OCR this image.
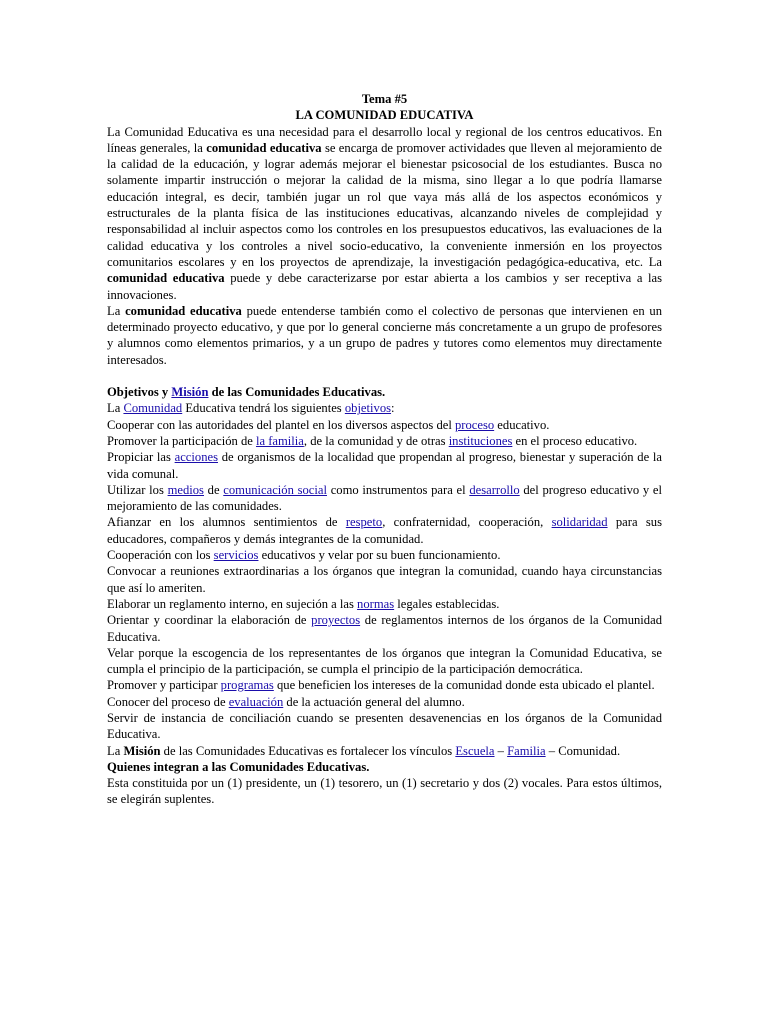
Tema #5
LA COMUNIDAD EDUCATIVA
La Comunidad Educativa es una necesidad para el desarrollo local y regional de los centros educativos. En líneas generales, la comunidad educativa se encarga de promover actividades que lleven al mejoramiento de la calidad de la educación, y lograr además mejorar el bienestar psicosocial de los estudiantes. Busca no solamente impartir instrucción o mejorar la calidad de la misma, sino llegar a lo que podría llamarse educación integral, es decir, también jugar un rol que vaya más allá de los aspectos económicos y estructurales de la planta física de las instituciones educativas, alcanzando niveles de complejidad y responsabilidad al incluir aspectos como los controles en los presupuestos educativos, las evaluaciones de la calidad educativa y los controles a nivel socio-educativo, la conveniente inmersión en los proyectos comunitarios escolares y en los proyectos de aprendizaje, la investigación pedagógica-educativa, etc. La comunidad educativa puede y debe caracterizarse por estar abierta a los cambios y ser receptiva a las innovaciones.
La comunidad educativa puede entenderse también como el colectivo de personas que intervienen en un determinado proyecto educativo, y que por lo general concierne más concretamente a un grupo de profesores y alumnos como elementos primarios, y a un grupo de padres y tutores como elementos muy directamente interesados.
Objetivos y Misión de las Comunidades Educativas.
La Comunidad Educativa tendrá los siguientes objetivos:
Cooperar con las autoridades del plantel en los diversos aspectos del proceso educativo.
Promover la participación de la familia, de la comunidad y de otras instituciones en el proceso educativo.
Propiciar las acciones de organismos de la localidad que propendan al progreso, bienestar y superación de la vida comunal.
Utilizar los medios de comunicación social como instrumentos para el desarrollo del progreso educativo y el mejoramiento de las comunidades.
Afianzar en los alumnos sentimientos de respeto, confraternidad, cooperación, solidaridad para sus educadores, compañeros y demás integrantes de la comunidad.
Cooperación con los servicios educativos y velar por su buen funcionamiento.
Convocar a reuniones extraordinarias a los órganos que integran la comunidad, cuando haya circunstancias que así lo ameriten.
Elaborar un reglamento interno, en sujeción a las normas legales establecidas.
Orientar y coordinar la elaboración de proyectos de reglamentos internos de los órganos de la Comunidad Educativa.
Velar porque la escogencia de los representantes de los órganos que integran la Comunidad Educativa, se cumpla el principio de la participación, se cumpla el principio de la participación democrática.
Promover y participar programas que beneficien los intereses de la comunidad donde esta ubicado el plantel.
Conocer del proceso de evaluación de la actuación general del alumno.
Servir de instancia de conciliación cuando se presenten desavenencias en los órganos de la Comunidad Educativa.
La Misión de las Comunidades Educativas es fortalecer los vínculos Escuela – Familia – Comunidad.
Quienes integran a las Comunidades Educativas.
Esta constituida por un (1) presidente, un (1) tesorero, un (1) secretario y dos (2) vocales. Para estos últimos, se elegirán suplentes.
